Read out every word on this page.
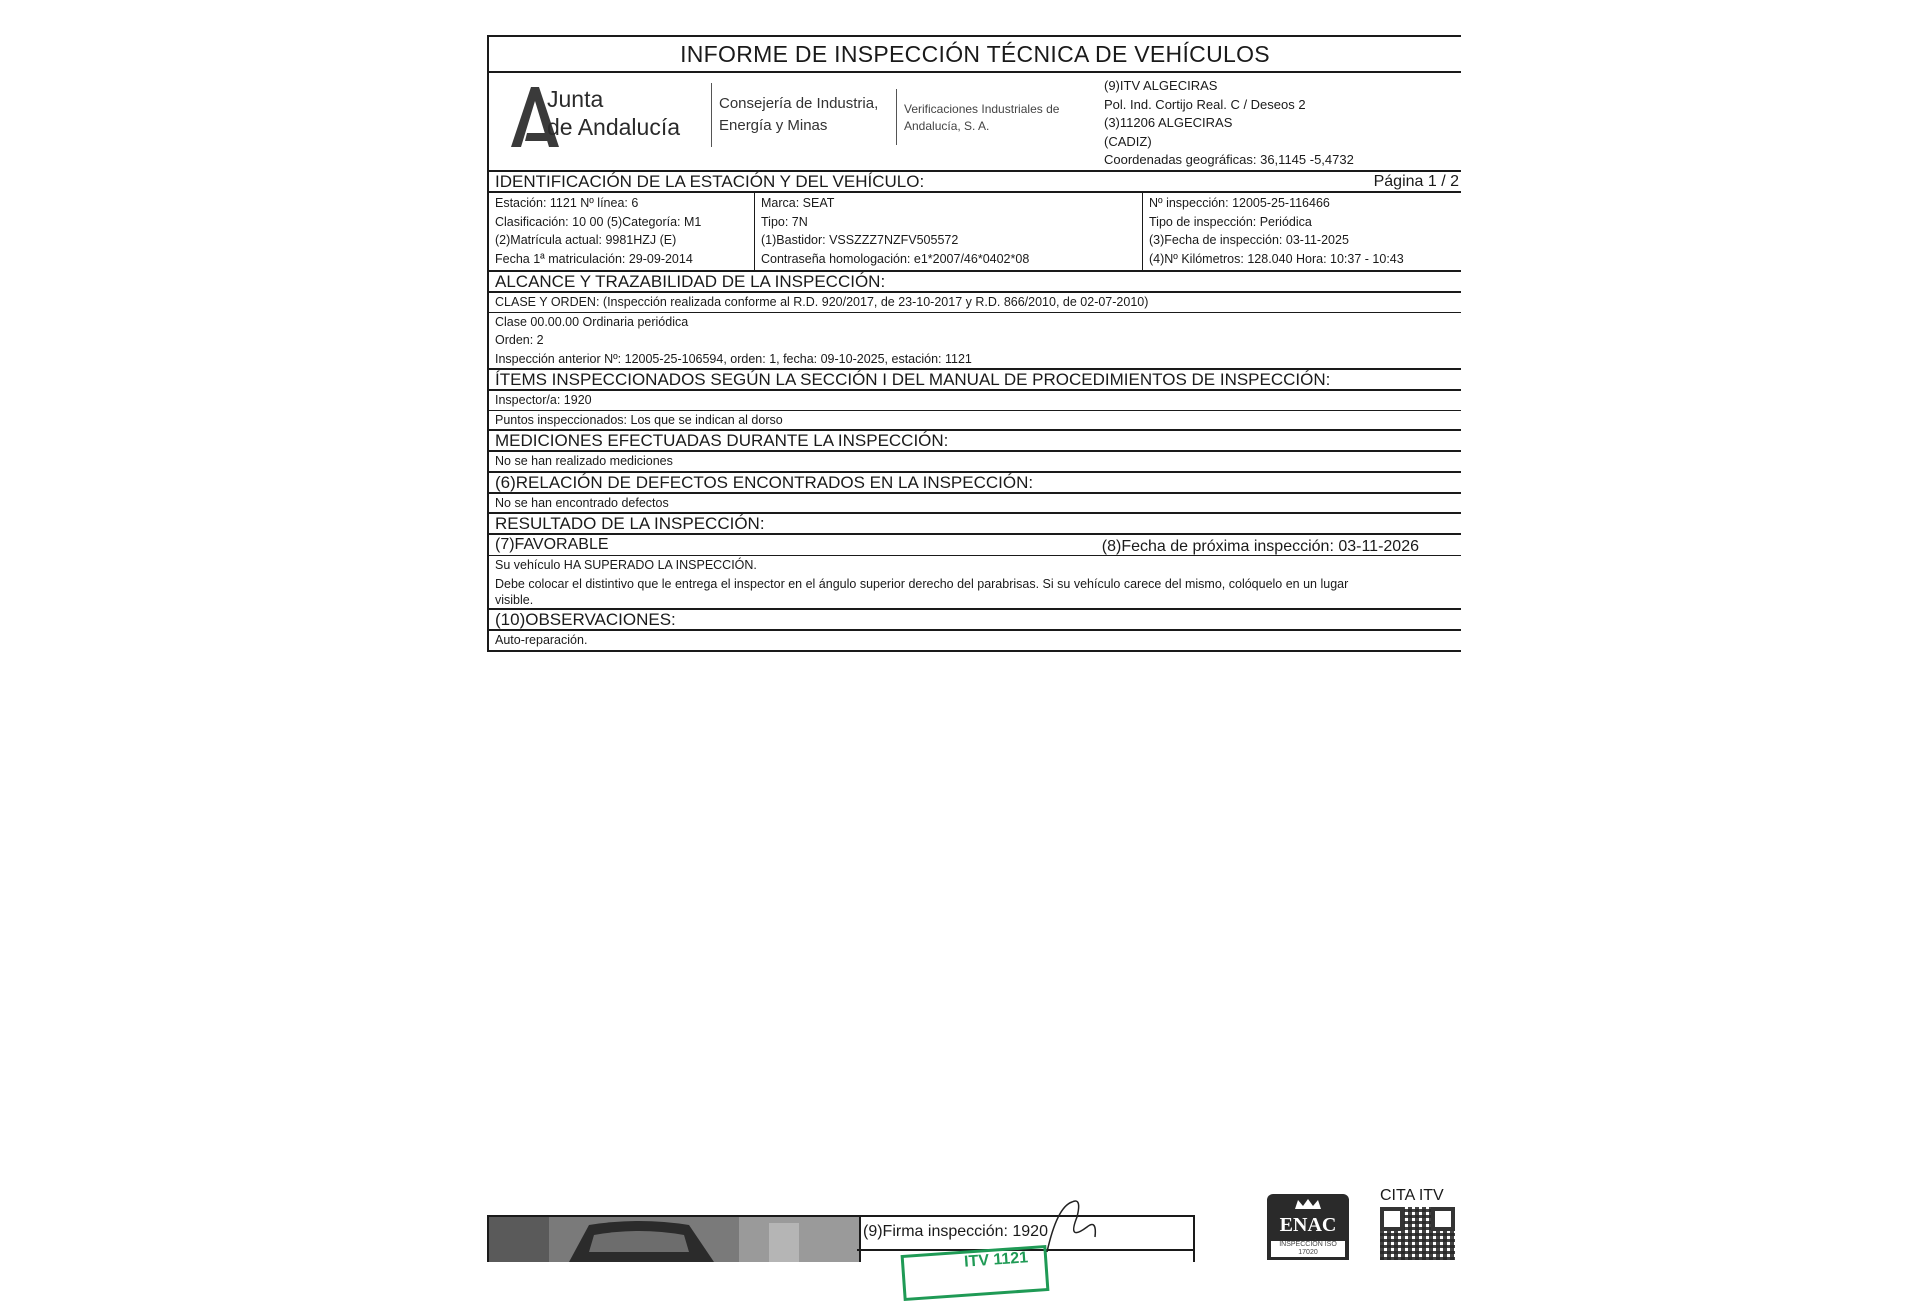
INFORME DE INSPECCIÓN TÉCNICA DE VEHÍCULOS
Junta
de Andalucía
Consejería de Industria,
Energía y Minas
Verificaciones Industriales de
Andalucía, S. A.
(9)ITV ALGECIRAS
Pol. Ind. Cortijo Real. C / Deseos 2
(3)11206 ALGECIRAS
(CADIZ)
Coordenadas geográficas: 36,1145 -5,4732
IDENTIFICACIÓN DE LA ESTACIÓN Y DEL VEHÍCULO:	Página 1 / 2
Estación: 1121 Nº línea: 6
Clasificación: 10 00 (5)Categoría: M1
(2)Matrícula actual: 9981HZJ (E)
Fecha 1ª matriculación: 29-09-2014
Marca: SEAT
Tipo: 7N
(1)Bastidor: VSSZZZ7NZFV505572
Contraseña homologación: e1*2007/46*0402*08
Nº inspección: 12005-25-116466
Tipo de inspección: Periódica
(3)Fecha de inspección: 03-11-2025
(4)Nº Kilómetros: 128.040 Hora: 10:37 - 10:43
ALCANCE Y TRAZABILIDAD DE LA INSPECCIÓN:
CLASE Y ORDEN: (Inspección realizada conforme al R.D. 920/2017, de 23-10-2017 y R.D. 866/2010, de 02-07-2010)
Clase 00.00.00 Ordinaria periódica
Orden: 2
Inspección anterior Nº: 12005-25-106594, orden: 1, fecha: 09-10-2025, estación: 1121
ÍTEMS INSPECCIONADOS SEGÚN LA SECCIÓN I DEL MANUAL DE PROCEDIMIENTOS DE INSPECCIÓN:
Inspector/a: 1920
Puntos inspeccionados: Los que se indican al dorso
MEDICIONES EFECTUADAS DURANTE LA INSPECCIÓN:
No se han realizado mediciones
(6)RELACIÓN DE DEFECTOS ENCONTRADOS EN LA INSPECCIÓN:
No se han encontrado defectos
RESULTADO DE LA INSPECCIÓN:
(7)FAVORABLE	(8)Fecha de próxima inspección: 03-11-2026
Su vehículo HA SUPERADO LA INSPECCIÓN.
Debe colocar el distintivo que le entrega el inspector en el ángulo superior derecho del parabrisas. Si su vehículo carece del mismo, colóquelo en un lugar
visible.
(10)OBSERVACIONES:
Auto-reparación.
(9)Firma inspección: 1920
ITV 1121
ENAC
INSPECCIÓN ISO 17020
CITA ITV
